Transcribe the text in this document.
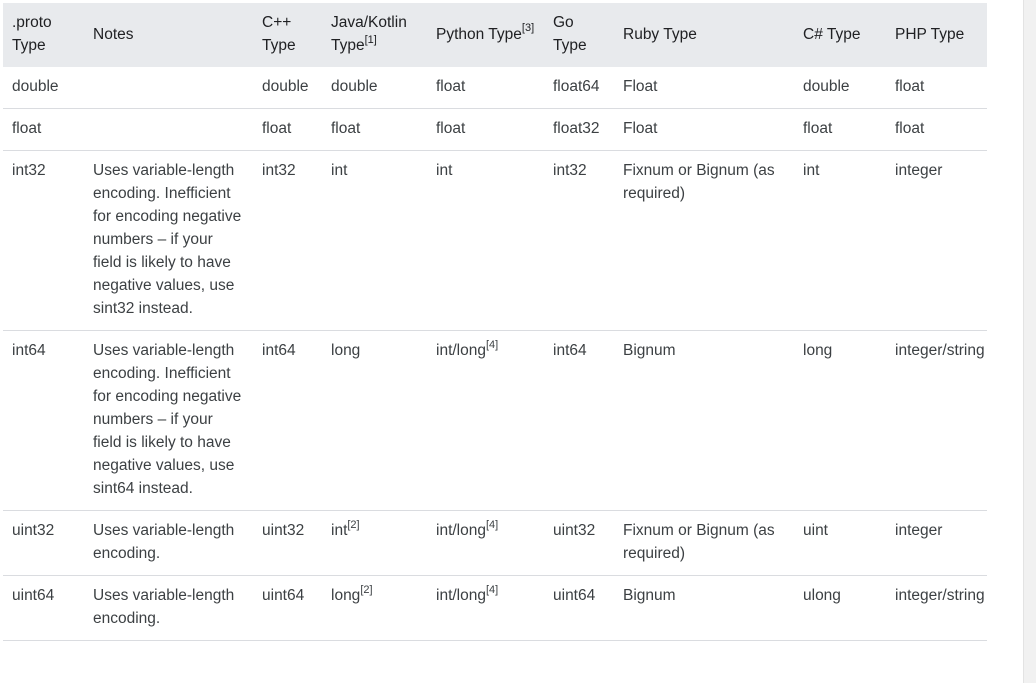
.proto Type	Notes	C++ Type	Java/Kotlin Type[1]	Python Type[3]	Go Type	Ruby Type	C# Type	PHP Type
double		double	double	float	float64	Float	double	float
float		float	float	float	float32	Float	float	float
int32	Uses variable-length encoding. Inefficient for encoding negative numbers – if your field is likely to have negative values, use sint32 instead.	int32	int	int	int32	Fixnum or Bignum (as required)	int	integer
int64	Uses variable-length encoding. Inefficient for encoding negative numbers – if your field is likely to have negative values, use sint64 instead.	int64	long	int/long[4]	int64	Bignum	long	integer/string
uint32	Uses variable-length encoding.	uint32	int[2]	int/long[4]	uint32	Fixnum or Bignum (as required)	uint	integer
uint64	Uses variable-length encoding.	uint64	long[2]	int/long[4]	uint64	Bignum	ulong	integer/string
